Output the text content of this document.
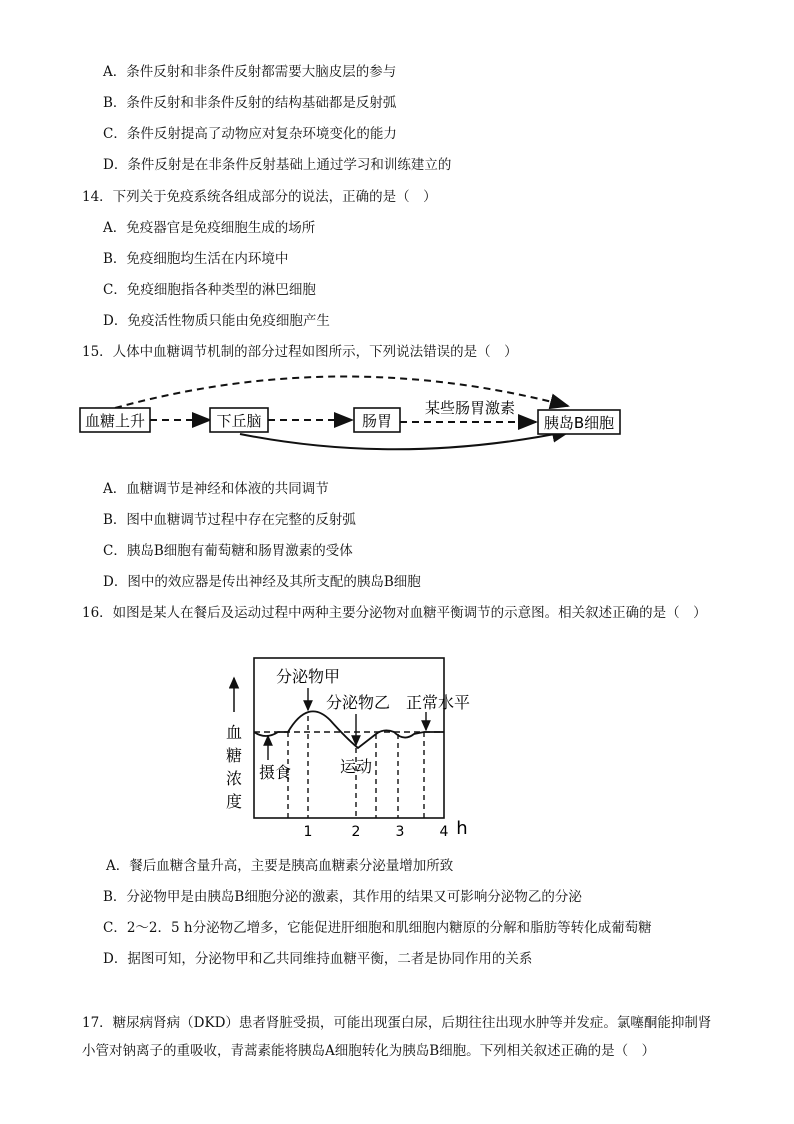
A．条件反射和非条件反射都需要大脑皮层的参与
B．条件反射和非条件反射的结构基础都是反射弧
C．条件反射提高了动物应对复杂环境变化的能力
D．条件反射是在非条件反射基础上通过学习和训练建立的
14．下列关于免疫系统各组成部分的说法，正确的是（　）
A．免疫器官是免疫细胞生成的场所
B．免疫细胞均生活在内环境中
C．免疫细胞指各种类型的淋巴细胞
D．免疫活性物质只能由免疫细胞产生
15．人体中血糖调节机制的部分过程如图所示，下列说法错误的是（　）
血糖上升	下丘脑	肠胃	胰岛B细胞
某些肠胃激素
A．血糖调节是神经和体液的共同调节
B．图中血糖调节过程中存在完整的反射弧
C．胰岛B细胞有葡萄糖和肠胃激素的受体
D．图中的效应器是传出神经及其所支配的胰岛B细胞
16．如图是某人在餐后及运动过程中两种主要分泌物对血糖平衡调节的示意图。相关叙述正确的是（　）
血
糖
浓
度
分泌物甲
分泌物乙 正常水平
摄食	运动
1	2	3	4 h
A．餐后血糖含量升高，主要是胰高血糖素分泌量增加所致
B．分泌物甲是由胰岛B细胞分泌的激素，其作用的结果又可影响分泌物乙的分泌
C．2～2．5 h分泌物乙增多，它能促进肝细胞和肌细胞内糖原的分解和脂肪等转化成葡萄糖
D．据图可知，分泌物甲和乙共同维持血糖平衡，二者是协同作用的关系
17．糖尿病肾病（DKD）患者肾脏受损，可能出现蛋白尿，后期往往出现水肿等并发症。氯噻酮能抑制肾小管对钠离子的重吸收，青蒿素能将胰岛A细胞转化为胰岛B细胞。下列相关叙述正确的是（　）
